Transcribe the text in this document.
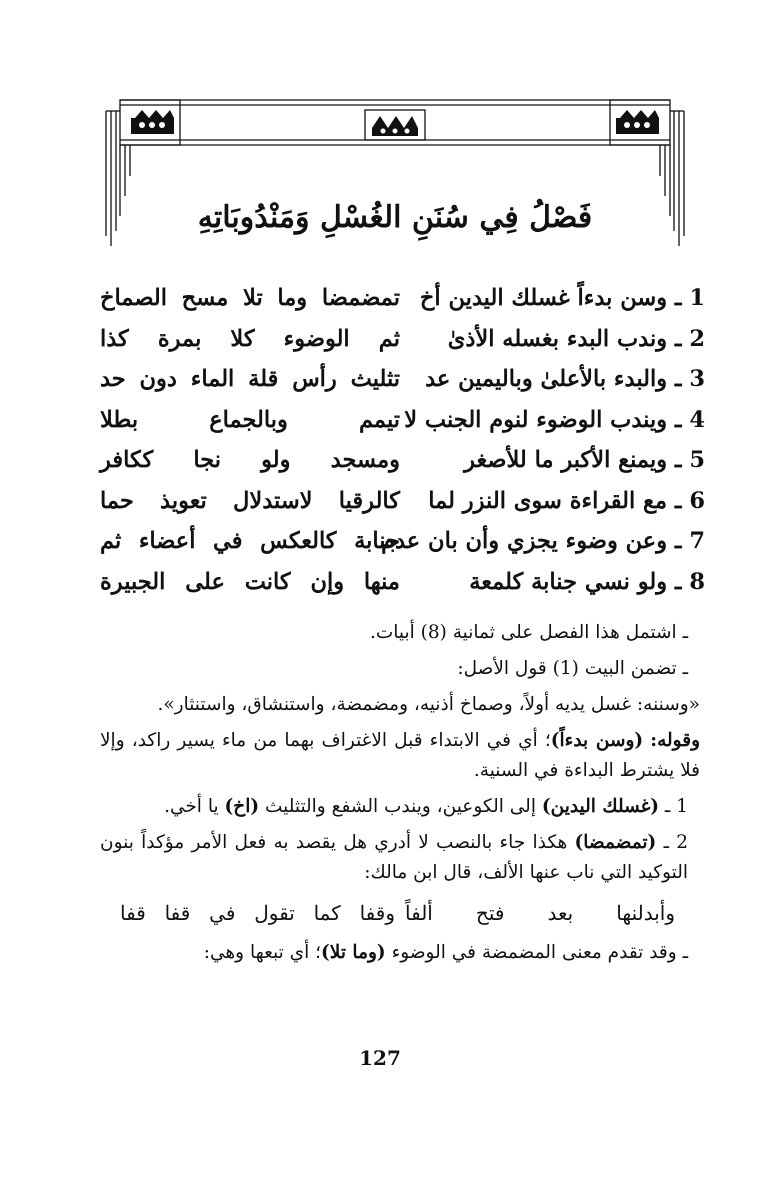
فَصْلُ فِي سُنَنِ الغُسْلِ وَمَنْدُوبَاتِهِ
1 ـ وسن بدءاً غسلك اليدين أخ
تمضمضا وما تلا مسح الصماخ
2 ـ وندب البدء بغسله الأذىٰ
ثم الوضوء كلا بمرة كذا
3 ـ والبدء بالأعلىٰ وباليمين عد
تثليث رأس قلة الماء دون حد
4 ـ ويندب الوضوء لنوم الجنب لا
تيمم وبالجماع بطلا
5 ـ ويمنع الأكبر ما للأصغر
ومسجد ولو نجا ككافر
6 ـ مع القراءة سوى النزر لما
كالرقيا لاستدلال تعويذ حما
7 ـ وعن وضوء يجزي وأن بان عدم
جنابة كالعكس في أعضاء ثم
8 ـ ولو نسي جنابة كلمعة
منها وإن كانت على الجبيرة

ـ اشتمل هذا الفصل على ثمانية (8) أبيات.

ـ تضمن البيت (1) قول الأصل:

«وسننه: غسل يديه أولاً، وصماخ أذنيه، ومضمضة، واستنشاق، واستنثار».

وقوله: (وسن بدءاً)؛ أي في الابتداء قبل الاغتراف بهما من ماء يسير راكد، وإلا فلا يشترط البداءة في السنية.

1 ـ (غسلك اليدين) إلى الكوعين، ويندب الشفع والتثليث (اخ) يا أخي.

2 ـ (تمضمضا) هكذا جاء بالنصب لا أدري هل يقصد به فعل الأمر مؤكداً بنون التوكيد التي ناب عنها الألف، قال ابن مالك:

وأبدلنها بعد فتح ألفاً
وقفا كما تقول في قفا قفا

ـ وقد تقدم معنى المضمضة في الوضوء (وما تلا)؛ أي تبعها وهي:

127
